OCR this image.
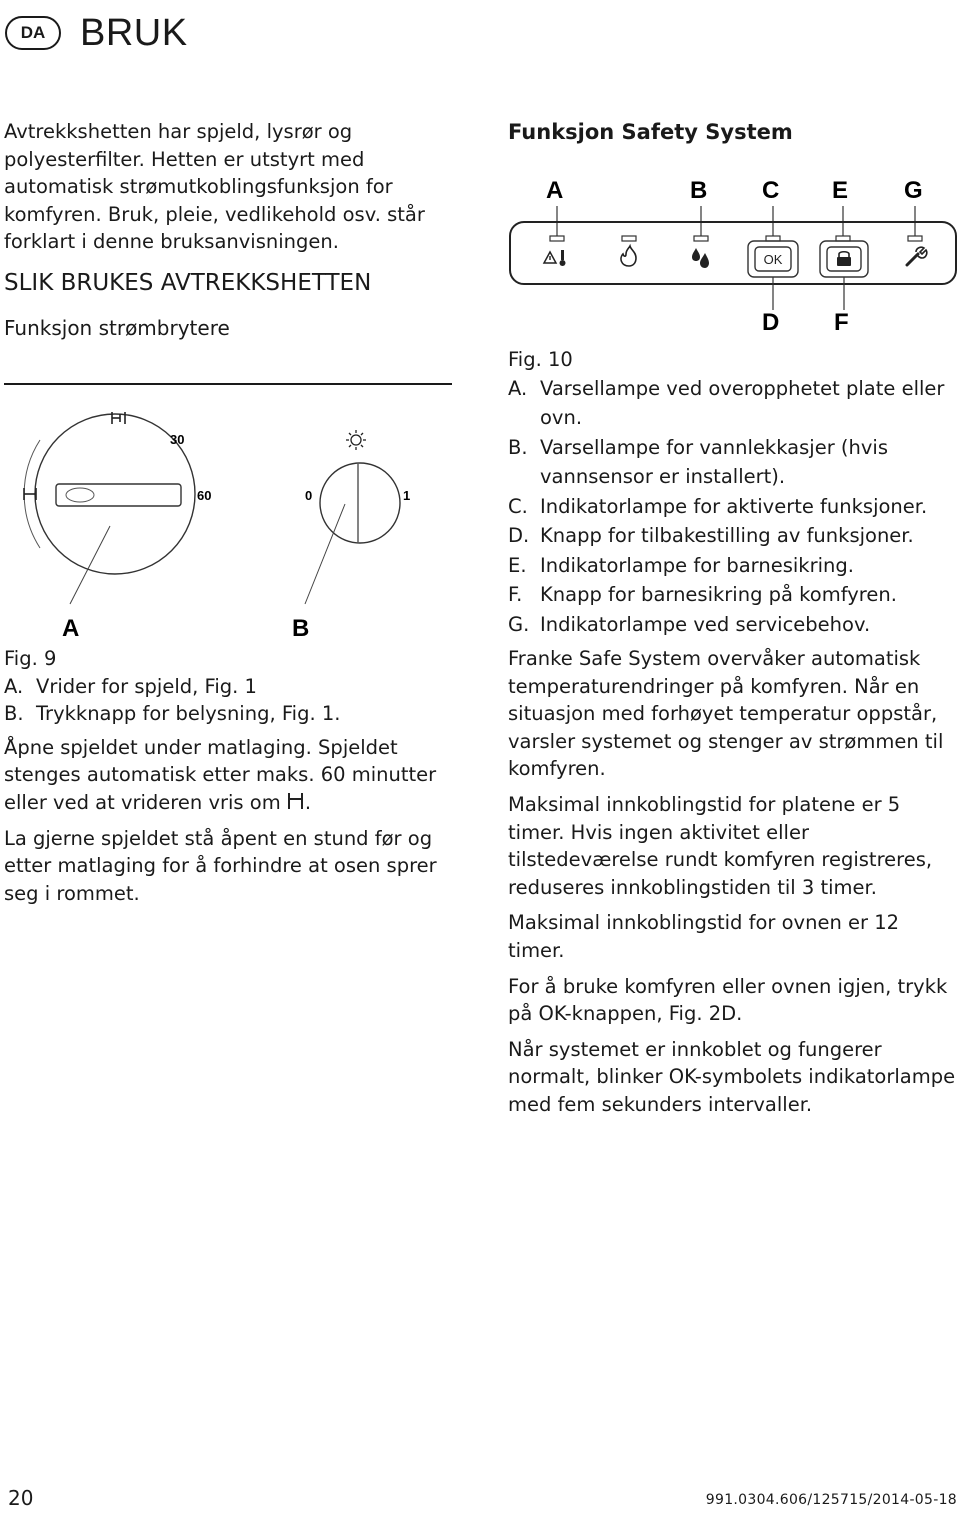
DA BRUK

Avtrekkshetten har spjeld, lysrør og polyesterfilter. Hetten er utstyrt med automatisk strømutkoblingsfunksjon for komfyren. Bruk, pleie, vedlikehold osv. står forklart i denne bruksanvisningen.

SLIK BRUKES AVTREKKSHETTEN
Funksjon strømbrytere
30
60	0	1
A	B
Fig. 9
A. Vrider for spjeld, Fig. 1
B. Trykknapp for belysning, Fig. 1.

Åpne spjeldet under matlaging. Spjeldet stenges automatisk etter maks. 60 minutter eller ved at vrideren vris om .

La gjerne spjeldet stå åpent en stund før og etter matlaging for å forhindre at osen sprer seg i rommet.

Funksjon Safety System
A	B C E G
OK
D F
Fig. 10
A. Varsellampe ved overopphetet plate eller ovn.
B. Varsellampe for vannlekkasjer (hvis vannsensor er installert).
C. Indikatorlampe for aktiverte funksjoner.
D. Knapp for tilbakestilling av funksjoner.
E. Indikatorlampe for barnesikring.
F. Knapp for barnesikring på komfyren.
G. Indikatorlampe ved servicebehov.

Franke Safe System overvåker automatisk temperaturendringer på komfyren. Når en situasjon med forhøyet temperatur oppstår, varsler systemet og stenger av strømmen til komfyren.

Maksimal innkoblingstid for platene er 5 timer. Hvis ingen aktivitet eller tilstedeværelse rundt komfyren registreres, reduseres innkoblingstiden til 3 timer.

Maksimal innkoblingstid for ovnen er 12 timer.

For å bruke komfyren eller ovnen igjen, trykk på OK-knappen, Fig. 2D.

Når systemet er innkoblet og fungerer normalt, blinker OK-symbolets indikatorlampe med fem sekunders intervaller.

20	991.0304.606/125715/2014-05-18
